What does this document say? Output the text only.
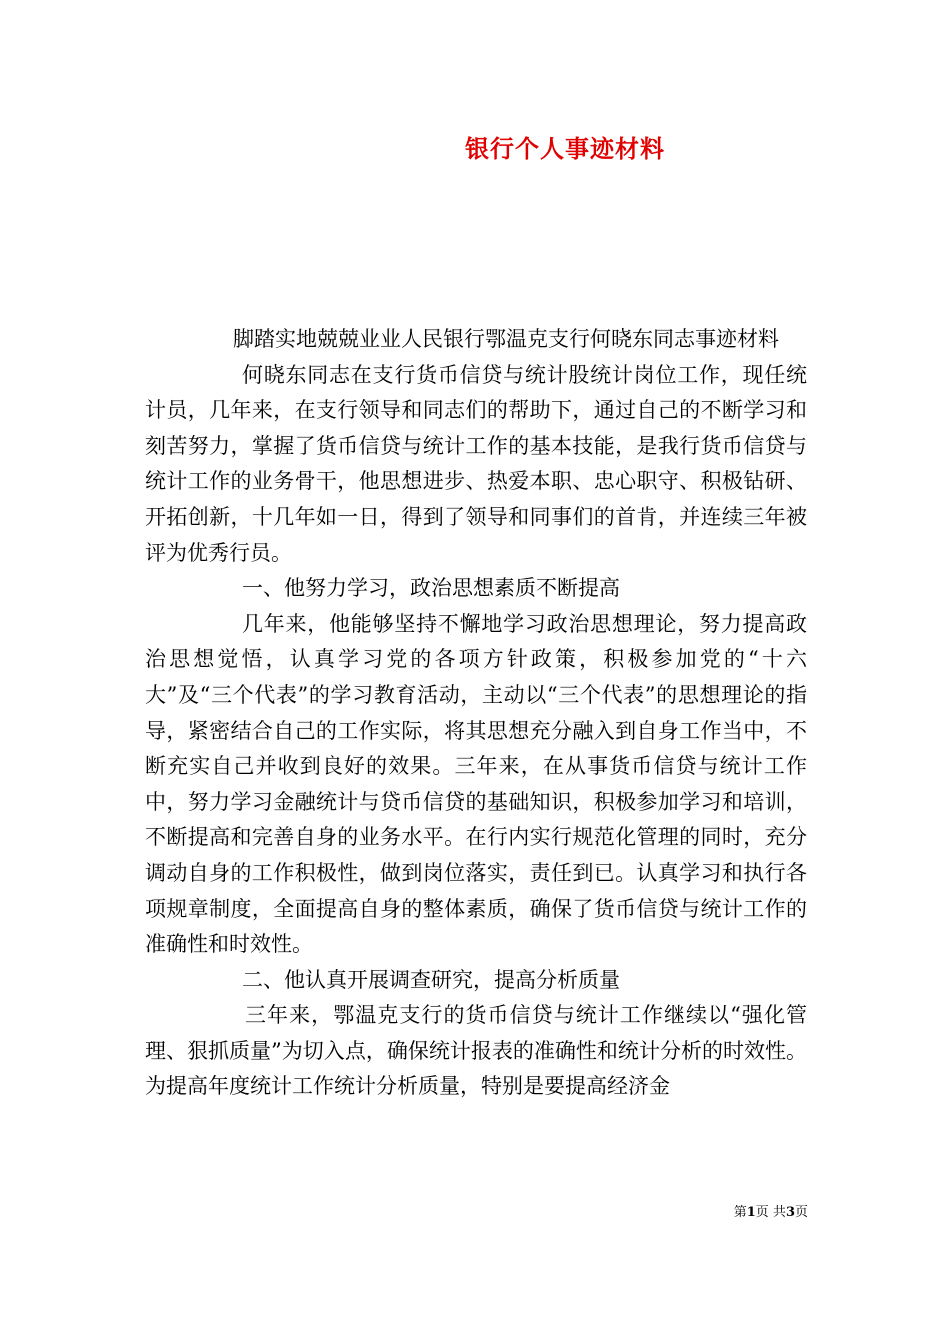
银行个人事迹材料

脚踏实地兢兢业业人民银行鄂温克支行何晓东同志事迹材料

何晓东同志在支行货币信贷与统计股统计岗位工作，现任统计员，几年来，在支行领导和同志们的帮助下，通过自己的不断学习和刻苦努力，掌握了货币信贷与统计工作的基本技能，是我行货币信贷与统计工作的业务骨干，他思想进步、热爱本职、忠心职守、积极钻研、开拓创新，十几年如一日，得到了领导和同事们的首肯，并连续三年被评为优秀行员。

一、他努力学习，政治思想素质不断提高

几年来，他能够坚持不懈地学习政治思想理论，努力提高政治思想觉悟，认真学习党的各项方针政策，积极参加党的“十六大”及“三个代表”的学习教育活动，主动以“三个代表”的思想理论的指导，紧密结合自己的工作实际，将其思想充分融入到自身工作当中，不断充实自己并收到良好的效果。三年来，在从事货币信贷与统计工作中，努力学习金融统计与贷币信贷的基础知识，积极参加学习和培训，不断提高和完善自身的业务水平。在行内实行规范化管理的同时，充分调动自身的工作积极性，做到岗位落实，责任到已。认真学习和执行各项规章制度，全面提高自身的整体素质，确保了货币信贷与统计工作的准确性和时效性。

二、他认真开展调查研究，提高分析质量

三年来，鄂温克支行的货币信贷与统计工作继续以“强化管理、狠抓质量”为切入点，确保统计报表的准确性和统计分析的时效性。为提高年度统计工作统计分析质量，特别是要提高经济金

第1页 共3页
